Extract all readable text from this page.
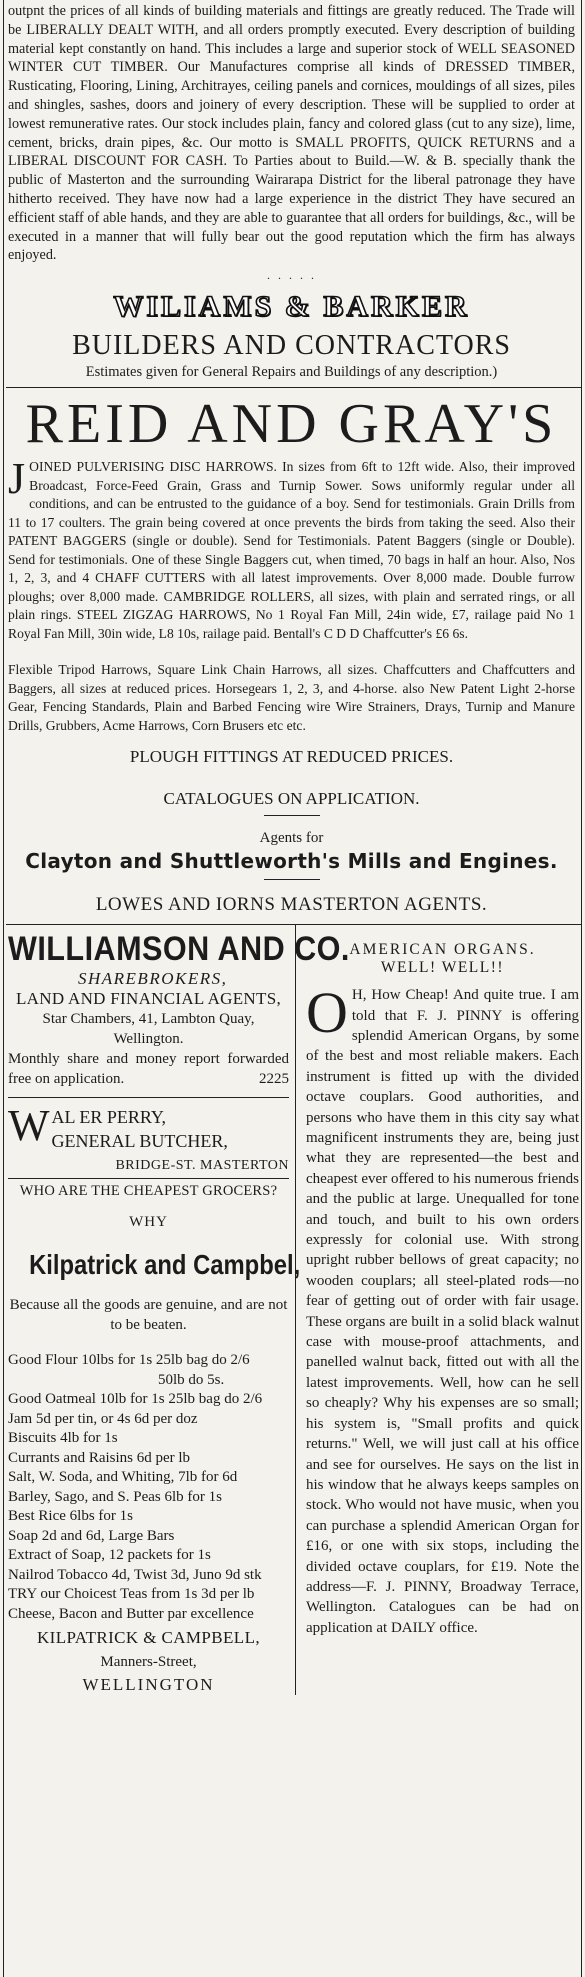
outpnt the prices of all kinds of building materials and fittings are greatly reduced. The Trade will be LIBERALLY DEALT WITH, and all orders promptly executed. Every description of building material kept constantly on hand. This includes a large and superior stock of WELL SEASONED WINTER CUT TIMBER. Our Manufactures comprise all kinds of DRESSED TIMBER, Rusticating, Flooring, Lining, Architrayes, ceiling panels and cornices, mouldings of all sizes, piles and shingles, sashes, doors and joinery of every description. These will be supplied to order at lowest remunerative rates. Our stock includes plain, fancy and colored glass (cut to any size), lime, cement, bricks, drain pipes, &c. Our motto is SMALL PROFITS, QUICK RETURNS and a LIBERAL DISCOUNT FOR CASH. To Parties about to Build.—W. & B. specially thank the public of Masterton and the surrounding Wairarapa District for the liberal patronage they have hitherto received. They have now had a large experience in the district They have secured an efficient staff of able hands, and they are able to guarantee that all orders for buildings, &c., will be executed in a manner that will fully bear out the good reputation which the firm has always enjoyed.

· · · · ·
WILIAMS & BARKER
BUILDERS AND CONTRACTORS
Estimates given for General Repairs and Buildings of any description.)
REID AND GRAY'S
J OINED PULVERISING DISC HARROWS. In sizes from 6ft to 12ft wide. Also, their improved Broadcast, Force-Feed Grain, Grass and Turnip Sower. Sows uniformly regular under all conditions, and can be entrusted to the guidance of a boy. Send for testimonials. Grain Drills from 11 to 17 coulters. The grain being covered at once prevents the birds from taking the seed. Also their PATENT BAGGERS (single or double). Send for Testimonials. Patent Baggers (single or Double). Send for testimonials. One of these Single Baggers cut, when timed, 70 bags in half an hour. Also, Nos 1, 2, 3, and 4 CHAFF CUTTERS with all latest improvements. Over 8,000 made. Double furrow ploughs; over 8,000 made. CAMBRIDGE ROLLERS, all sizes, with plain and serrated rings, or all plain rings. STEEL ZIGZAG HARROWS, No 1 Royal Fan Mill, 24in wide, £7, railage paid No 1 Royal Fan Mill, 30in wide, L8 10s, railage paid. Bentall's C D D Chaffcutter's £6 6s.

Flexible Tripod Harrows, Square Link Chain Harrows, all sizes. Chaffcutters and Chaffcutters and Baggers, all sizes at reduced prices. Horsegears 1, 2, 3, and 4-horse. also New Patent Light 2-horse Gear, Fencing Standards, Plain and Barbed Fencing wire Wire Strainers, Drays, Turnip and Manure Drills, Grubbers, Acme Harrows, Corn Brusers etc etc.

PLOUGH FITTINGS AT REDUCED PRICES.

CATALOGUES ON APPLICATION.

Agents for

Clayton and Shuttleworth's Mills and Engines.

LOWES AND IORNS MASTERTON AGENTS.

WILLIAMSON AND CO.
SHAREBROKERS,
LAND AND FINANCIAL AGENTS,
Star Chambers, 41, Lambton Quay,
Wellington.

Monthly share and money report forwarded free on application.	2225

W AL ER PERRY,
GENERAL BUTCHER,
BRIDGE-ST. MASTERTON
WHO ARE THE CHEAPEST GROCERS?
WHY
Kilpatrick and Campbel,
Because all the goods are genuine, and are not to be beaten.

Good Flour 10lbs for 1s 25lb bag do 2/6

50lb do 5s.

Good Oatmeal 10lb for 1s 25lb bag do 2/6

Jam 5d per tin, or 4s 6d per doz

Biscuits 4lb for 1s

Currants and Raisins 6d per lb

Salt, W. Soda, and Whiting, 7lb for 6d

Barley, Sago, and S. Peas 6lb for 1s

Best Rice 6lbs for 1s

Soap 2d and 6d, Large Bars

Extract of Soap, 12 packets for 1s

Nailrod Tobacco 4d, Twist 3d, Juno 9d stk

TRY our Choicest Teas from 1s 3d per lb

Cheese, Bacon and Butter par excellence

KILPATRICK & CAMPBELL,
Manners-Street,
WELLINGTON
AMERICAN ORGANS.
WELL! WELL!!
O H, How Cheap! And quite true. I am told that F. J. PINNY is offering splendid American Organs, by some of the best and most reliable makers. Each instrument is fitted up with the divided octave couplars. Good authorities, and persons who have them in this city say what magnificent instruments they are, being just what they are represented—the best and cheapest ever offered to his numerous friends and the public at large. Unequalled for tone and touch, and built to his own orders expressly for colonial use. With strong upright rubber bellows of great capacity; no wooden couplars; all steel-plated rods—no fear of getting out of order with fair usage. These organs are built in a solid black walnut case with mouse-proof attachments, and panelled walnut back, fitted out with all the latest improvements. Well, how can he sell so cheaply? Why his expenses are so small; his system is, "Small profits and quick returns." Well, we will just call at his office and see for ourselves. He says on the list in his window that he always keeps samples on stock. Who would not have music, when you can purchase a splendid American Organ for £16, or one with six stops, including the divided octave couplars, for £19. Note the address—F. J. PINNY, Broadway Terrace, Wellington. Catalogues can be had on application at DAILY office.
